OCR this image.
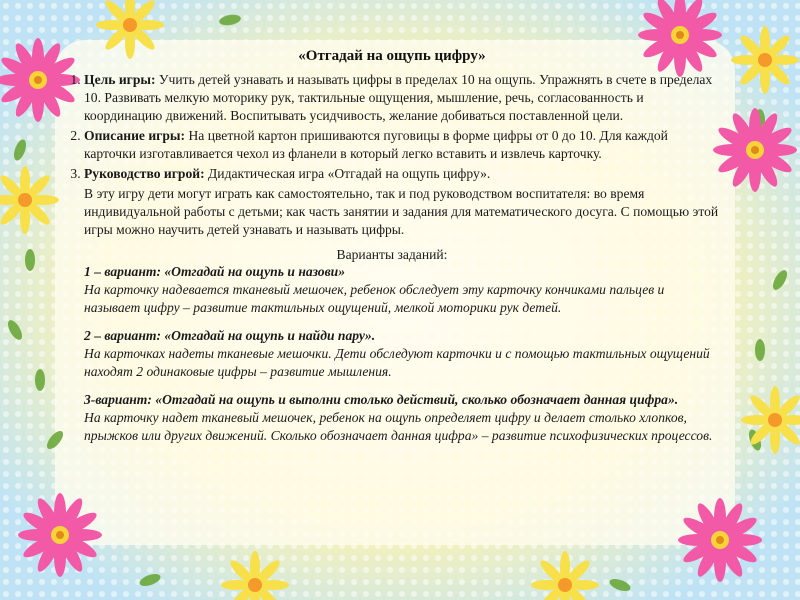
«Отгадай на ощупь цифру»
1. Цель игры: Учить детей узнавать и называть цифры в пределах 10 на ощупь. Упражнять в счете в пределах 10. Развивать мелкую моторику рук, тактильные ощущения, мышление, речь, согласованность и координацию движений. Воспитывать усидчивость, желание добиваться поставленной цели.
2. Описание игры: На цветной картон пришиваются пуговицы в форме цифры от 0 до 10. Для каждой карточки изготавливается чехол из фланели в который легко вставить и извлечь карточку.
3. Руководство игрой: Дидактическая игра «Отгадай на ощупь цифру».

В эту игру дети могут играть как самостоятельно, так и под руководством воспитателя: во время индивидуальной работы с детьми; как часть занятии и задания для математического досуга. С помощью этой игры можно научить детей узнавать и называть цифры.

Варианты заданий:
1 – вариант: «Отгадай на ощупь и назови»
На карточку надевается тканевый мешочек, ребенок обследует эту карточку кончиками пальцев и называет цифру – развитие тактильных ощущений, мелкой моторики рук детей.
2 – вариант: «Отгадай на ощупь и найди пару».
На карточках надеты тканевые мешочки. Дети обследуют карточки и с помощью тактильных ощущений находят 2 одинаковые цифры – развитие мышления.
3-вариант: «Отгадай на ощупь и выполни столько действий, сколько обозначает данная цифра».
На карточку надет тканевый мешочек, ребенок на ощупь определяет цифру и делает столько хлопков, прыжков или других движений. Сколько обозначает данная цифра» – развитие психофизических процессов.
